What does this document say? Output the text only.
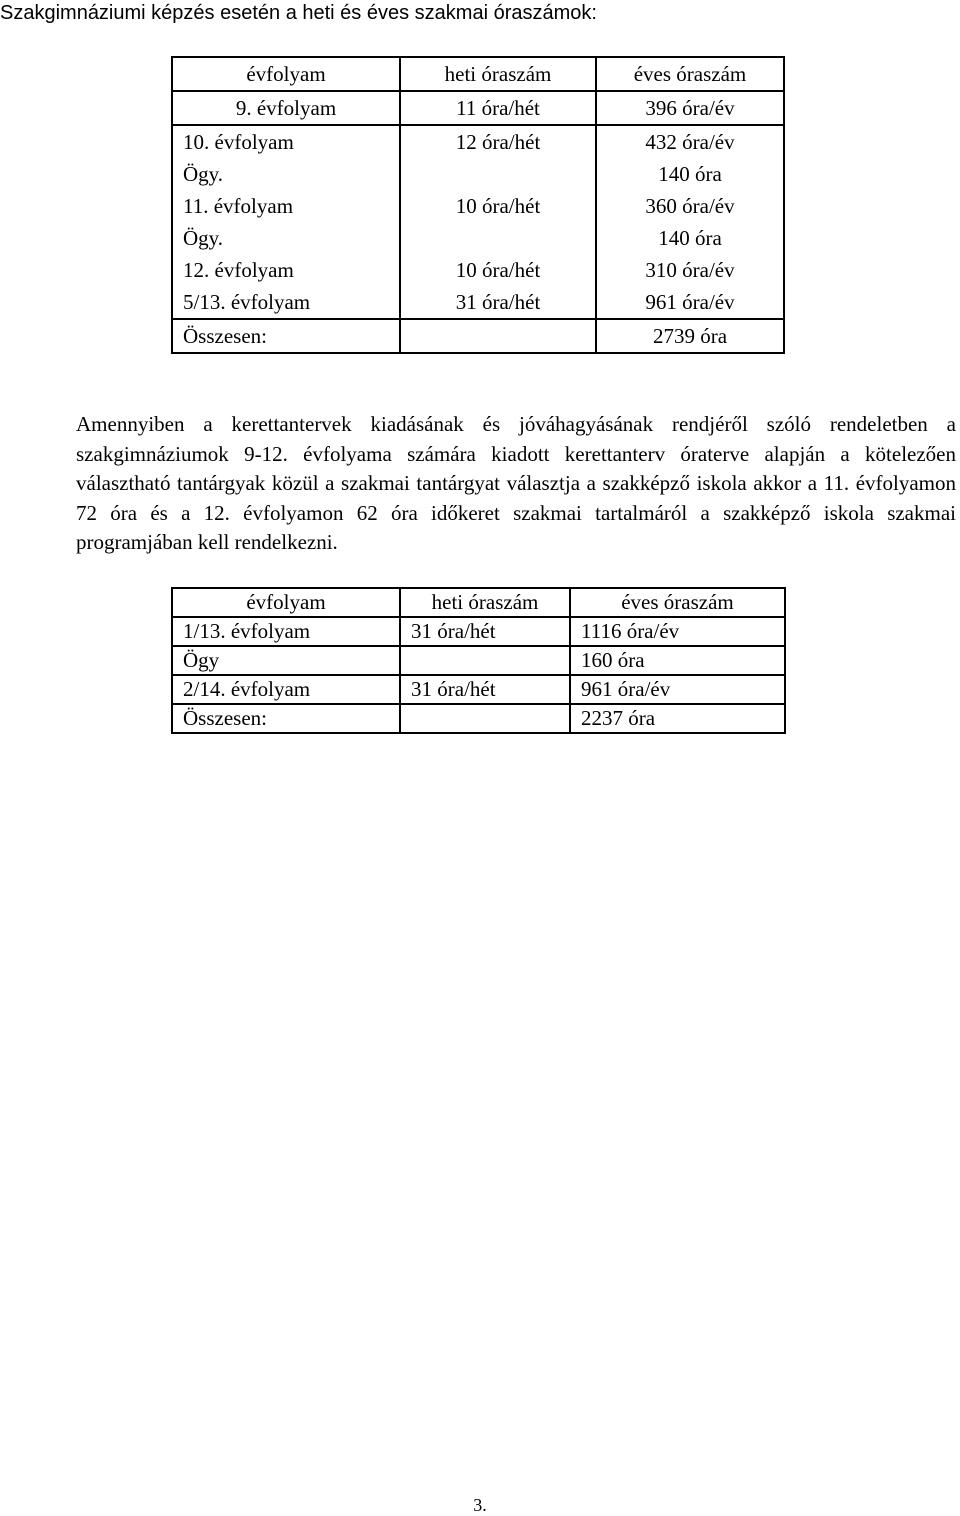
Szakgimnáziumi képzés esetén a heti és éves szakmai óraszámok:
évfolyam	heti óraszám	éves óraszám
9. évfolyam	11 óra/hét	396 óra/év
10. évfolyam	12 óra/hét	432 óra/év
Ögy.		140 óra
11. évfolyam	10 óra/hét	360 óra/év
Ögy.		140 óra
12. évfolyam	10 óra/hét	310 óra/év
5/13. évfolyam	31 óra/hét	961 óra/év
Összesen:		2739 óra
Amennyiben a kerettantervek kiadásának és jóváhagyásának rendjéről szóló rendeletben a szakgimnáziumok 9-12. évfolyama számára kiadott kerettanterv óraterve alapján a kötelezően választható tantárgyak közül a szakmai tantárgyat választja a szakképző iskola akkor a 11. évfolyamon 72 óra és a 12. évfolyamon 62 óra időkeret szakmai tartalmáról a szakképző iskola szakmai programjában kell rendelkezni.
évfolyam	heti óraszám	éves óraszám
1/13. évfolyam	31 óra/hét	1116 óra/év
Ögy		160 óra
2/14. évfolyam	31 óra/hét	961 óra/év
Összesen:		2237 óra
3.
